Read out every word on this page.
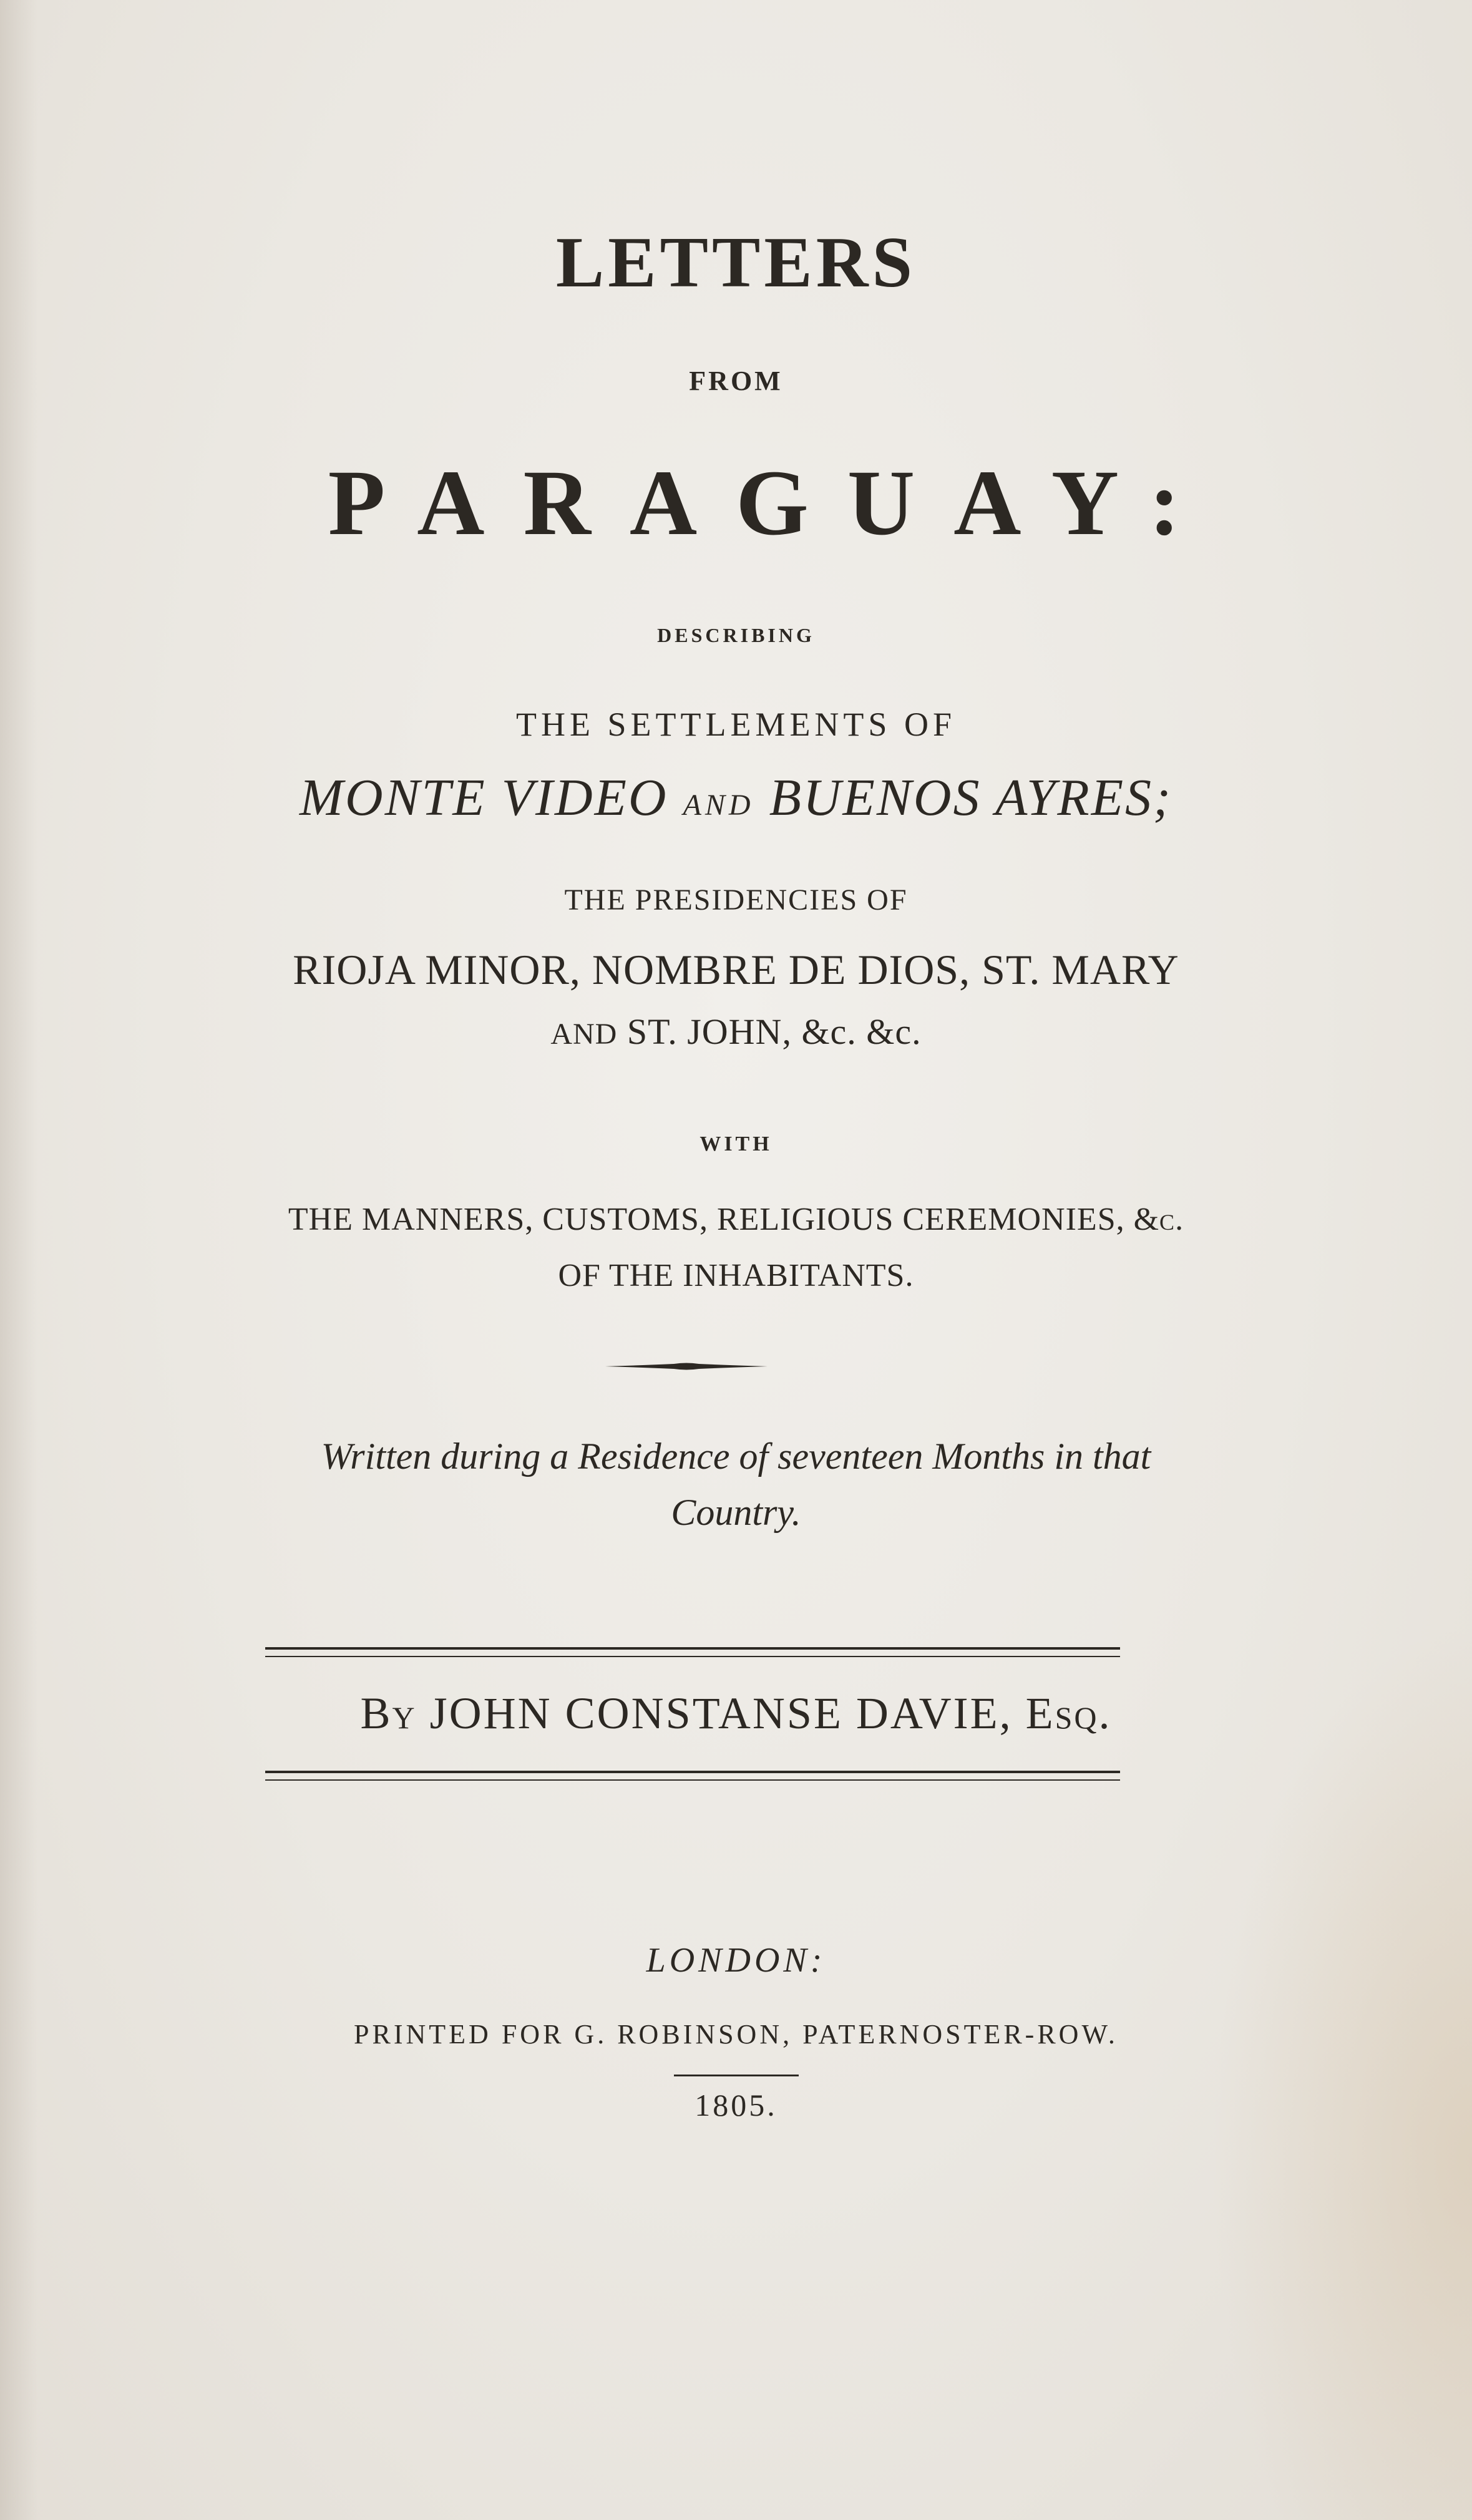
LETTERS

FROM

PARAGUAY:

DESCRIBING

THE SETTLEMENTS OF

MONTE VIDEO AND BUENOS AYRES;

THE PRESIDENCIES OF

RIOJA MINOR, NOMBRE DE DIOS, ST. MARY

AND ST. JOHN, &c. &c.

WITH

THE MANNERS, CUSTOMS, RELIGIOUS CEREMONIES, &c.

OF THE INHABITANTS.

Written during a Residence of seventeen Months in that

Country.

By JOHN CONSTANSE DAVIE, Esq.

LONDON:

PRINTED FOR G. ROBINSON, PATERNOSTER-ROW.

1805.
